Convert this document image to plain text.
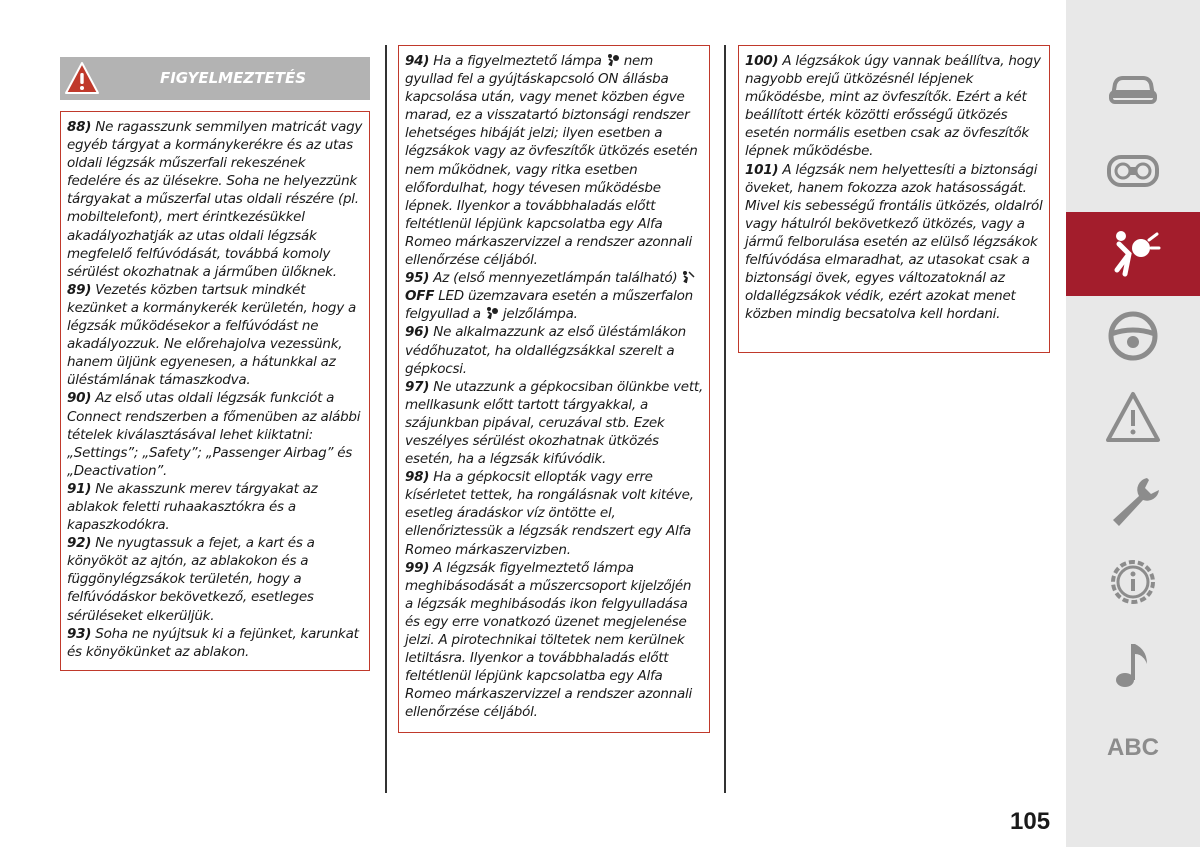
FIGYELMEZTETÉS

88) Ne ragasszunk semmilyen matricát vagy egyéb tárgyat a kormánykerékre és az utas oldali légzsák műszerfali rekeszének fedelére és az ülésekre. Soha ne helyezzünk tárgyakat a műszerfal utas oldali részére (pl. mobiltelefont), mert érintkezésükkel akadályozhatják az utas oldali légzsák megfelelő felfúvódását, továbbá komoly sérülést okozhatnak a járműben ülőknek.

89) Vezetés közben tartsuk mindkét kezünket a kormánykerék kerületén, hogy a légzsák működésekor a felfúvódást ne akadályozzuk. Ne előrehajolva vezessünk, hanem üljünk egyenesen, a hátunkkal az üléstámlának támaszkodva.

90) Az első utas oldali légzsák funkciót a Connect rendszerben a főmenüben az alábbi tételek kiválasztásával lehet kiiktatni: „Settings”; „Safety”; „Passenger Airbag” és „Deactivation”.

91) Ne akasszunk merev tárgyakat az ablakok feletti ruhaakasztókra és a kapaszkodókra.

92) Ne nyugtassuk a fejet, a kart és a könyököt az ajtón, az ablakokon és a függönylégzsákok területén, hogy a felfúvódáskor bekövetkező, esetleges sérüléseket elkerüljük.

93) Soha ne nyújtsuk ki a fejünket, karunkat és könyökünket az ablakon.

94) Ha a figyelmeztető lámpa  nem gyullad fel a gyújtáskapcsoló ON állásba kapcsolása után, vagy menet közben égve marad, ez a visszatartó biztonsági rendszer lehetséges hibáját jelzi; ilyen esetben a légzsákok vagy az övfeszítők ütközés esetén nem működnek, vagy ritka esetben előfordulhat, hogy tévesen működésbe lépnek. Ilyenkor a továbbhaladás előtt feltétlenül lépjünk kapcsolatba egy Alfa Romeo márkaszervizzel a rendszer azonnali ellenőrzése céljából.

95) Az (első mennyezetlámpán található)  OFF LED üzemzavara esetén a műszerfalon felgyullad a  jelzőlámpa.

96) Ne alkalmazzunk az első üléstámlákon védőhuzatot, ha oldallégzsákkal szerelt a gépkocsi.

97) Ne utazzunk a gépkocsiban ölünkbe vett, mellkasunk előtt tartott tárgyakkal, a szájunkban pipával, ceruzával stb. Ezek veszélyes sérülést okozhatnak ütközés esetén, ha a légzsák kifúvódik.

98) Ha a gépkocsit ellopták vagy erre kísérletet tettek, ha rongálásnak volt kitéve, esetleg áradáskor víz öntötte el, ellenőriztessük a légzsák rendszert egy Alfa Romeo márkaszervizben.

99) A légzsák figyelmeztető lámpa meghibásodását a műszercsoport kijelzőjén a légzsák meghibásodás ikon felgyulladása és egy erre vonatkozó üzenet megjelenése jelzi. A pirotechnikai töltetek nem kerülnek letiltásra. Ilyenkor a továbbhaladás előtt feltétlenül lépjünk kapcsolatba egy Alfa Romeo márkaszervizzel a rendszer azonnali ellenőrzése céljából.

100) A légzsákok úgy vannak beállítva, hogy nagyobb erejű ütközésnél lépjenek működésbe, mint az övfeszítők. Ezért a két beállított érték közötti erősségű ütközés esetén normális esetben csak az övfeszítők lépnek működésbe.

101) A légzsák nem helyettesíti a biztonsági öveket, hanem fokozza azok hatásosságát. Mivel kis sebességű frontális ütközés, oldalról vagy hátulról bekövetkező ütközés, vagy a jármű felborulása esetén az elülső légzsákok felfúvódása elmaradhat, az utasokat csak a biztonsági övek, egyes változatoknál az oldallégzsákok védik, ezért azokat menet közben mindig becsatolva kell hordani.

ABC
105
